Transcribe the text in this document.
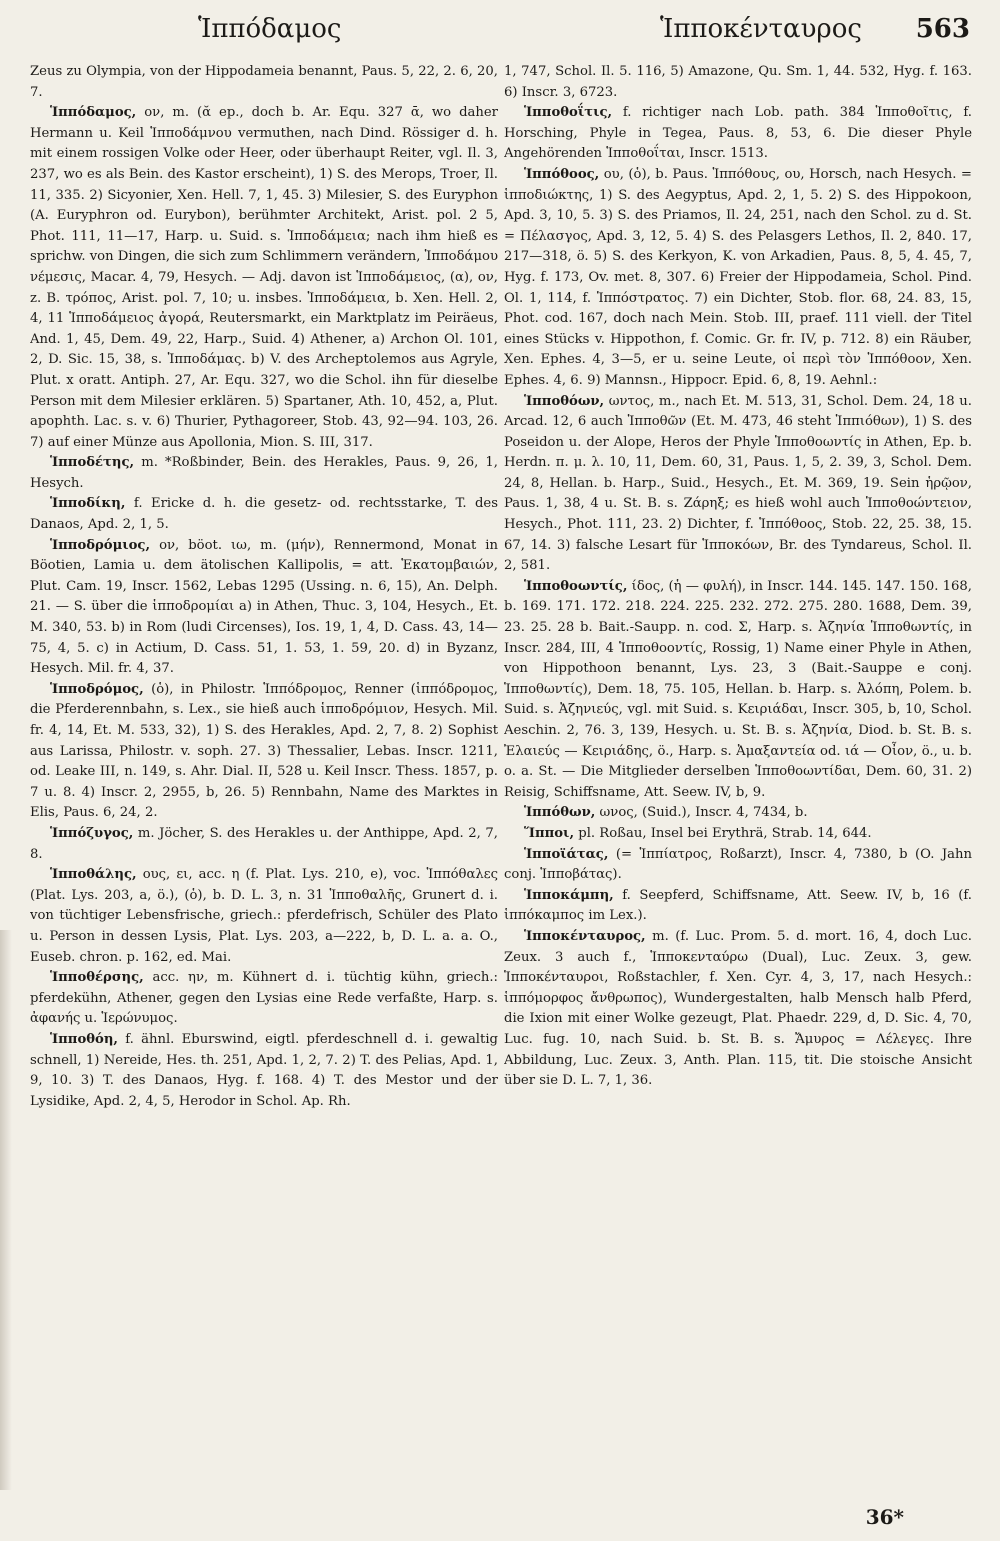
Ἱππόδαμος	Ἱπποκένταυρος 563

Zeus zu Olympia, von der Hippodameia benannt, Paus. 5, 22, 2. 6, 20, 7.

Ἱππόδαμος, ον, m. (ᾰ ep., doch b. Ar. Equ. 327 ᾱ, wo daher Hermann u. Keil Ἱπποδάμνου vermuthen, nach Dind. Rössiger d. h. mit einem rossigen Volke oder Heer, oder überhaupt Reiter, vgl. Il. 3, 237, wo es als Bein. des Kastor erscheint), 1) S. des Merops, Troer, Il. 11, 335. 2) Sicyonier, Xen. Hell. 7, 1, 45. 3) Milesier, S. des Euryphon (A. Euryphron od. Eurybon), berühmter Architekt, Arist. pol. 2 5, Phot. 111, 11—17, Harp. u. Suid. s. Ἱπποδάμεια; nach ihm hieß es sprichw. von Dingen, die sich zum Schlimmern verändern, Ἱπποδάμου νέμεσις, Macar. 4, 79, Hesych. — Adj. davon ist Ἱπποδάμειος, (α), ον, z. B. τρόπος, Arist. pol. 7, 10; u. insbes. Ἱπποδάμεια, b. Xen. Hell. 2, 4, 11 Ἱπποδάμειος ἀγορά, Reutersmarkt, ein Marktplatz im Peiräeus, And. 1, 45, Dem. 49, 22, Harp., Suid. 4) Athener, a) Archon Ol. 101, 2, D. Sic. 15, 38, s. Ἱπποδάμας. b) V. des Archeptolemos aus Agryle, Plut. x oratt. Antiph. 27, Ar. Equ. 327, wo die Schol. ihn für dieselbe Person mit dem Milesier erklären. 5) Spartaner, Ath. 10, 452, a, Plut. apophth. Lac. s. v. 6) Thurier, Pythagoreer, Stob. 43, 92—94. 103, 26. 7) auf einer Münze aus Apollonia, Mion. S. III, 317.

Ἱπποδέτης, m. *Roßbinder, Bein. des Herakles, Paus. 9, 26, 1, Hesych.

Ἱπποδίκη, f. Ericke d. h. die gesetz- od. rechtsstarke, T. des Danaos, Apd. 2, 1, 5.

Ἱπποδρόμιος, ον, böot. ιω, m. (μήν), Rennermond, Monat in Böotien, Lamia u. dem ätolischen Kallipolis, = att. Ἑκατομβαιών, Plut. Cam. 19, Inscr. 1562, Lebas 1295 (Ussing. n. 6, 15), An. Delph. 21. — S. über die ἱπποδρομίαι a) in Athen, Thuc. 3, 104, Hesych., Et. M. 340, 53. b) in Rom (ludi Circenses), Ios. 19, 1, 4, D. Cass. 43, 14—75, 4, 5. c) in Actium, D. Cass. 51, 1. 53, 1. 59, 20. d) in Byzanz, Hesych. Mil. fr. 4, 37.

Ἱπποδρόμος, (ὁ), in Philostr. Ἱππόδρομος, Renner (ἱππόδρομος, die Pferderennbahn, s. Lex., sie hieß auch ἱπποδρόμιον, Hesych. Mil. fr. 4, 14, Et. M. 533, 32), 1) S. des Herakles, Apd. 2, 7, 8. 2) Sophist aus Larissa, Philostr. v. soph. 27. 3) Thessalier, Lebas. Inscr. 1211, od. Leake III, n. 149, s. Ahr. Dial. II, 528 u. Keil Inscr. Thess. 1857, p. 7 u. 8. 4) Inscr. 2, 2955, b, 26. 5) Rennbahn, Name des Marktes in Elis, Paus. 6, 24, 2.

Ἱππόζυγος, m. Jöcher, S. des Herakles u. der Anthippe, Apd. 2, 7, 8.

Ἱπποθάλης, ους, ει, acc. η (f. Plat. Lys. 210, e), voc. Ἱππόθαλες (Plat. Lys. 203, a, ö.), (ὁ), b. D. L. 3, n. 31 Ἱπποθαλῆς, Grunert d. i. von tüchtiger Lebensfrische, griech.: pferdefrisch, Schüler des Plato u. Person in dessen Lysis, Plat. Lys. 203, a—222, b, D. L. a. a. O., Euseb. chron. p. 162, ed. Mai.

Ἱπποθέρσης, acc. ην, m. Kühnert d. i. tüchtig kühn, griech.: pferdekühn, Athener, gegen den Lysias eine Rede verfaßte, Harp. s. ἀφανής u. Ἱερώνυμος.

Ἱπποθόη, f. ähnl. Eburswind, eigtl. pferdeschnell d. i. gewaltig schnell, 1) Nereide, Hes. th. 251, Apd. 1, 2, 7. 2) T. des Pelias, Apd. 1, 9, 10. 3) T. des Danaos, Hyg. f. 168. 4) T. des Mestor und der Lysidike, Apd. 2, 4, 5, Herodor in Schol. Ap. Rh.

1, 747, Schol. Il. 5. 116, 5) Amazone, Qu. Sm. 1, 44. 532, Hyg. f. 163. 6) Inscr. 3, 6723.

Ἱπποθοΐτις, f. richtiger nach Lob. path. 384 Ἱπποθοῖτις, f. Horsching, Phyle in Tegea, Paus. 8, 53, 6. Die dieser Phyle Angehörenden Ἱπποθοΐται, Inscr. 1513.

Ἱππόθοος, ου, (ὁ), b. Paus. Ἱππόθους, ου, Horsch, nach Hesych. = ἱπποδιώκτης, 1) S. des Aegyptus, Apd. 2, 1, 5. 2) S. des Hippokoon, Apd. 3, 10, 5. 3) S. des Priamos, Il. 24, 251, nach den Schol. zu d. St. = Πέλασγος, Apd. 3, 12, 5. 4) S. des Pelasgers Lethos, Il. 2, 840. 17, 217—318, ö. 5) S. des Kerkyon, K. von Arkadien, Paus. 8, 5, 4. 45, 7, Hyg. f. 173, Ov. met. 8, 307. 6) Freier der Hippodameia, Schol. Pind. Ol. 1, 114, f. Ἱππόστρατος. 7) ein Dichter, Stob. flor. 68, 24. 83, 15, Phot. cod. 167, doch nach Mein. Stob. III, praef. 111 viell. der Titel eines Stücks v. Hippothon, f. Comic. Gr. fr. IV, p. 712. 8) ein Räuber, Xen. Ephes. 4, 3—5, er u. seine Leute, οἱ περὶ τὸν Ἱππόθοον, Xen. Ephes. 4, 6. 9) Mannsn., Hippocr. Epid. 6, 8, 19. Aehnl.:

Ἱπποθόων, ωντος, m., nach Et. M. 513, 31, Schol. Dem. 24, 18 u. Arcad. 12, 6 auch Ἱπποθῶν (Et. M. 473, 46 steht Ἱππιόθων), 1) S. des Poseidon u. der Alope, Heros der Phyle Ἱπποθοωντίς in Athen, Ep. b. Herdn. π. μ. λ. 10, 11, Dem. 60, 31, Paus. 1, 5, 2. 39, 3, Schol. Dem. 24, 8, Hellan. b. Harp., Suid., Hesych., Et. M. 369, 19. Sein ἡρῷον, Paus. 1, 38, 4 u. St. B. s. Ζάρηξ; es hieß wohl auch Ἱπποθοώντειον, Hesych., Phot. 111, 23. 2) Dichter, f. Ἱππόθοος, Stob. 22, 25. 38, 15. 67, 14. 3) falsche Lesart für Ἱπποκόων, Br. des Tyndareus, Schol. Il. 2, 581.

Ἱπποθοωντίς, ίδος, (ἡ — φυλή), in Inscr. 144. 145. 147. 150. 168, b. 169. 171. 172. 218. 224. 225. 232. 272. 275. 280. 1688, Dem. 39, 23. 25. 28 b. Bait.-Saupp. n. cod. Σ, Harp. s. Ἀζηνία Ἱπποθωντίς, in Inscr. 284, III, 4 Ἱπποθοοντίς, Rossig, 1) Name einer Phyle in Athen, von Hippothoon benannt, Lys. 23, 3 (Bait.-Sauppe e conj. Ἱπποθωντίς), Dem. 18, 75. 105, Hellan. b. Harp. s. Ἀλόπη, Polem. b. Suid. s. Ἀζηνιεύς, vgl. mit Suid. s. Κειριάδαι, Inscr. 305, b, 10, Schol. Aeschin. 2, 76. 3, 139, Hesych. u. St. B. s. Ἀζηνία, Diod. b. St. B. s. Ἐλαιεύς — Κειριάδης, ö., Harp. s. Ἀμαξαντεία od. ιά — Οἶον, ö., u. b. o. a. St. — Die Mitglieder derselben Ἱπποθοωντίδαι, Dem. 60, 31. 2) Reisig, Schiffsname, Att. Seew. IV, b, 9.

Ἱππόθων, ωνος, (Suid.), Inscr. 4, 7434, b.

Ἵπποι, pl. Roßau, Insel bei Erythrä, Strab. 14, 644.

Ἱπποϊάτας, (= Ἱππίατρος, Roßarzt), Inscr. 4, 7380, b (O. Jahn conj. Ἱπποβάτας).

Ἱπποκάμπη, f. Seepferd, Schiffsname, Att. Seew. IV, b, 16 (f. ἱππόκαμπος im Lex.).

Ἱπποκένταυρος, m. (f. Luc. Prom. 5. d. mort. 16, 4, doch Luc. Zeux. 3 auch f., Ἱπποκενταύρω (Dual), Luc. Zeux. 3, gew. Ἱπποκένταυροι, Roßstachler, f. Xen. Cyr. 4, 3, 17, nach Hesych.: ἱππόμορφος ἄνθρωπος), Wundergestalten, halb Mensch halb Pferd, die Ixion mit einer Wolke gezeugt, Plat. Phaedr. 229, d, D. Sic. 4, 70, Luc. fug. 10, nach Suid. b. St. B. s. Ἄμυρος = Λέλεγες. Ihre Abbildung, Luc. Zeux. 3, Anth. Plan. 115, tit. Die stoische Ansicht über sie D. L. 7, 1, 36.

36*
